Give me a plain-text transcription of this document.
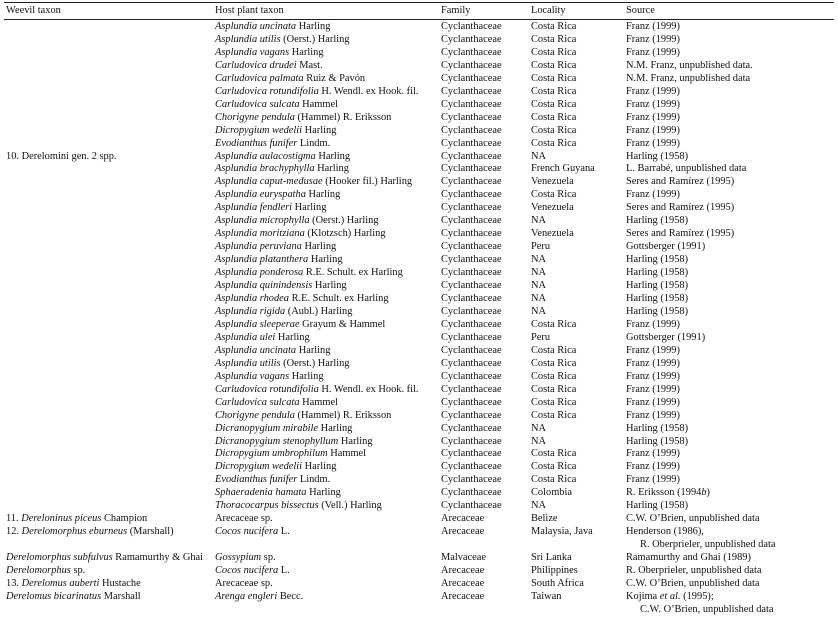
Weevil taxon	Host plant taxon	Family	Locality	Source
	Asplundia uncinata Harling	Cyclanthaceae	Costa Rica	Franz (1999)
	Asplundia utilis (Oerst.) Harling	Cyclanthaceae	Costa Rica	Franz (1999)
	Asplundia vagans Harling	Cyclanthaceae	Costa Rica	Franz (1999)
	Carludovica drudei Mast.	Cyclanthaceae	Costa Rica	N.M. Franz, unpublished data.
	Carludovica palmata Ruiz & Pavón	Cyclanthaceae	Costa Rica	N.M. Franz, unpublished data
	Carludovica rotundifolia H. Wendl. ex Hook. fil.	Cyclanthaceae	Costa Rica	Franz (1999)
	Carludovica sulcata Hammel	Cyclanthaceae	Costa Rica	Franz (1999)
	Chorigyne pendula (Hammel) R. Eriksson	Cyclanthaceae	Costa Rica	Franz (1999)
	Dicropygium wedelii Harling	Cyclanthaceae	Costa Rica	Franz (1999)
	Evodianthus funifer Lindm.	Cyclanthaceae	Costa Rica	Franz (1999)
10. Derelomini gen. 2 spp.	Asplundia aulacostigma Harling	Cyclanthaceae	NA	Harling (1958)
	Asplundia brachyphylla Harling	Cyclanthaceae	French Guyana	L. Barrabé, unpublished data
	Asplundia caput-medusae (Hooker fil.) Harling	Cyclanthaceae	Venezuela	Seres and Ramírez (1995)
	Asplundia euryspatha Harling	Cyclanthaceae	Costa Rica	Franz (1999)
	Asplundia fendleri Harling	Cyclanthaceae	Venezuela	Seres and Ramírez (1995)
	Asplundia microphylla (Oerst.) Harling	Cyclanthaceae	NA	Harling (1958)
	Asplundia moritziana (Klotzsch) Harling	Cyclanthaceae	Venezuela	Seres and Ramírez (1995)
	Asplundia peruviana Harling	Cyclanthaceae	Peru	Gottsberger (1991)
	Asplundia platanthera Harling	Cyclanthaceae	NA	Harling (1958)
	Asplundia ponderosa R.E. Schult. ex Harling	Cyclanthaceae	NA	Harling (1958)
	Asplundia quinindensis Harling	Cyclanthaceae	NA	Harling (1958)
	Asplundia rhodea R.E. Schult. ex Harling	Cyclanthaceae	NA	Harling (1958)
	Asplundia rigida (Aubl.) Harling	Cyclanthaceae	NA	Harling (1958)
	Asplundia sleeperae Grayum & Hammel	Cyclanthaceae	Costa Rica	Franz (1999)
	Asplundia ulei Harling	Cyclanthaceae	Peru	Gottsberger (1991)
	Asplundia uncinata Harling	Cyclanthaceae	Costa Rica	Franz (1999)
	Asplundia utilis (Oerst.) Harling	Cyclanthaceae	Costa Rica	Franz (1999)
	Asplundia vagans Harling	Cyclanthaceae	Costa Rica	Franz (1999)
	Carludovica rotundifolia H. Wendl. ex Hook. fil.	Cyclanthaceae	Costa Rica	Franz (1999)
	Carludovica sulcata Hammel	Cyclanthaceae	Costa Rica	Franz (1999)
	Chorigyne pendula (Hammel) R. Eriksson	Cyclanthaceae	Costa Rica	Franz (1999)
	Dicranopygium mirabile Harling	Cyclanthaceae	NA	Harling (1958)
	Dicranopygium stenophyllum Harling	Cyclanthaceae	NA	Harling (1958)
	Dicropygium umbrophilum Hammel	Cyclanthaceae	Costa Rica	Franz (1999)
	Dicropygium wedelii Harling	Cyclanthaceae	Costa Rica	Franz (1999)
	Evodianthus funifer Lindm.	Cyclanthaceae	Costa Rica	Franz (1999)
	Sphaeradenia hamata Harling	Cyclanthaceae	Colombia	R. Eriksson (1994b)
	Thoracocarpus bissectus (Vell.) Harling	Cyclanthaceae	NA	Harling (1958)
11. Dereloninus piceus Champion	Arecaceae sp.	Arecaceae	Belize	C.W. O’Brien, unpublished data
12. Derelomorphus eburneus (Marshall)	Cocos nucifera L.	Arecaceae	Malaysia, Java	Henderson (1986),
				R. Oberprieler, unpublished data
Derelomorphus subfulvus Ramamurthy & Ghai	Gossypium sp.	Malvaceae	Sri Lanka	Ramamurthy and Ghai (1989)
Derelomorphus sp.	Cocos nucifera L.	Arecaceae	Philippines	R. Oberprieler, unpublished data
13. Derelomus auberti Hustache	Arecaceae sp.	Arecaceae	South Africa	C.W. O’Brien, unpublished data
Derelomus bicarinatus Marshall	Arenga engleri Becc.	Arecaceae	Taiwan	Kojima et al. (1995);
				C.W. O’Brien, unpublished data
